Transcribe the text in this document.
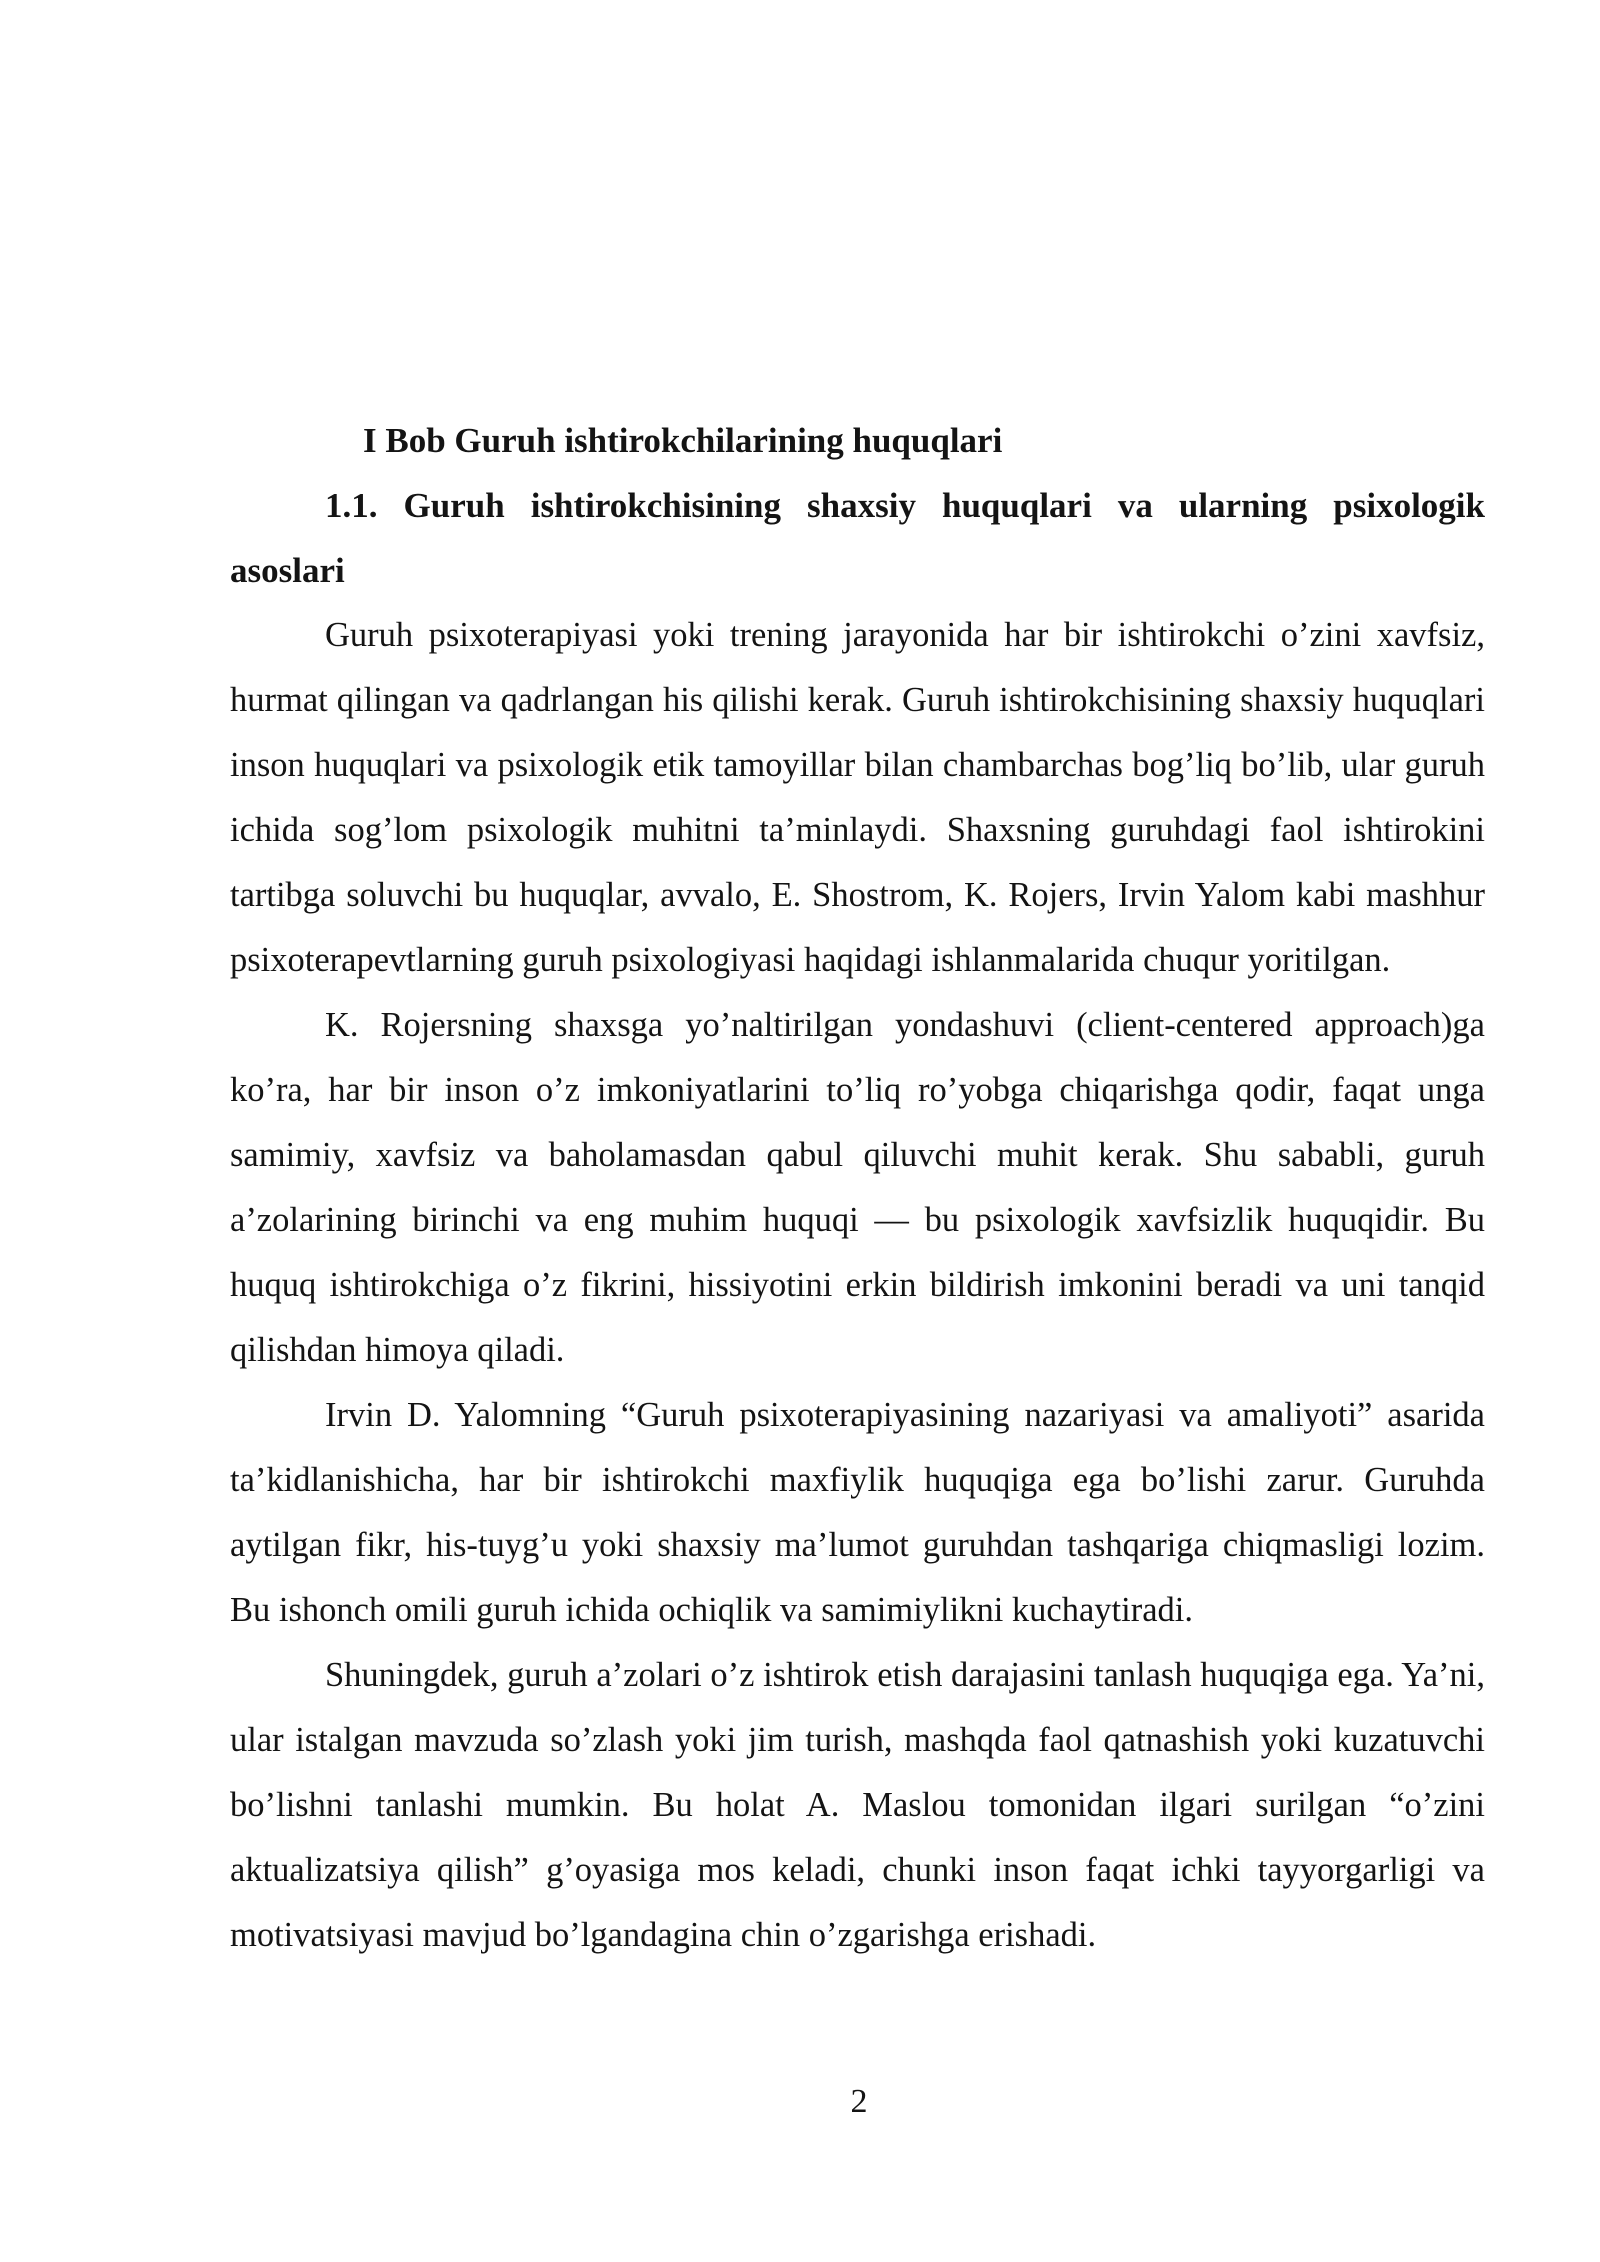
I Bob Guruh ishtirokchilarining huquqlari
1.1. Guruh ishtirokchisining shaxsiy huquqlari va ularning psixologik asoslari

Guruh psixoterapiyasi yoki trening jarayonida har bir ishtirokchi o’zini xavfsiz, hurmat qilingan va qadrlangan his qilishi kerak. Guruh ishtirokchisining shaxsiy huquqlari inson huquqlari va psixologik etik tamoyillar bilan chambarchas bog’liq bo’lib, ular guruh ichida sog’lom psixologik muhitni ta’minlaydi. Shaxsning guruhdagi faol ishtirokini tartibga soluvchi bu huquqlar, avvalo, E. Shostrom, K. Rojers, Irvin Yalom kabi mashhur psixoterapevtlarning guruh psixologiyasi haqidagi ishlanmalarida chuqur yoritilgan.

K. Rojersning shaxsga yo’naltirilgan yondashuvi (client-centered approach)ga ko’ra, har bir inson o’z imkoniyatlarini to’liq ro’yobga chiqarishga qodir, faqat unga samimiy, xavfsiz va baholamasdan qabul qiluvchi muhit kerak. Shu sababli, guruh a’zolarining birinchi va eng muhim huquqi — bu psixologik xavfsizlik huquqidir. Bu huquq ishtirokchiga o’z fikrini, hissiyotini erkin bildirish imkonini beradi va uni tanqid qilishdan himoya qiladi.

Irvin D. Yalomning “Guruh psixoterapiyasining nazariyasi va amaliyoti” asarida ta’kidlanishicha, har bir ishtirokchi maxfiylik huquqiga ega bo’lishi zarur. Guruhda aytilgan fikr, his-tuyg’u yoki shaxsiy ma’lumot guruhdan tashqariga chiqmasligi lozim. Bu ishonch omili guruh ichida ochiqlik va samimiylikni kuchaytiradi.

Shuningdek, guruh a’zolari o’z ishtirok etish darajasini tanlash huquqiga ega. Ya’ni, ular istalgan mavzuda so’zlash yoki jim turish, mashqda faol qatnashish yoki kuzatuvchi bo’lishni tanlashi mumkin. Bu holat A. Maslou tomonidan ilgari surilgan “o’zini aktualizatsiya qilish” g’oyasiga mos keladi, chunki inson faqat ichki tayyorgarligi va motivatsiyasi mavjud bo’lgandagina chin o’zgarishga erishadi.

2
